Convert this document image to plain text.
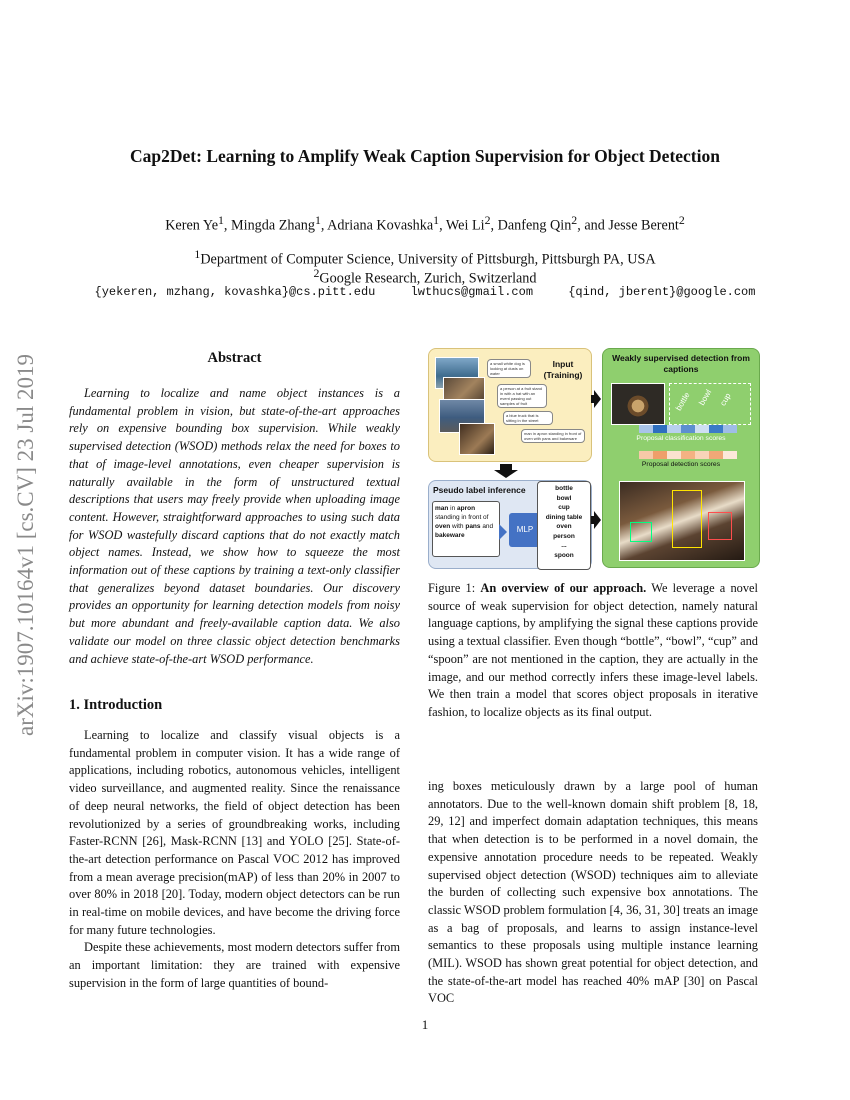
Cap2Det: Learning to Amplify Weak Caption Supervision for Object Detection
Keren Ye$^1$, Mingda Zhang$^1$, Adriana Kovashka$^1$, Wei Li$^2$, Danfeng Qin$^2$, and Jesse Berent$^2$
$^1$Department of Computer Science, University of Pittsburgh, Pittsburgh PA, USA
$^2$Google Research, Zurich, Switzerland
{yekeren, mzhang, kovashka}@cs.pitt.edu	lwthucs@gmail.com	{qind, jberent}@google.com
arXiv:1907.10164v1 [cs.CV] 23 Jul 2019	Abstract

Learning to localize and name object instances is a fundamental problem in vision, but state-of-the-art approaches rely on expensive bounding box supervision. While weakly supervised detection (WSOD) methods relax the need for boxes to that of image-level annotations, even cheaper supervision is naturally available in the form of unstructured textual descriptions that users may freely provide when uploading image content. However, straightforward approaches to using such data for WSOD wastefully discard captions that do not exactly match object names. Instead, we show how to squeeze the most information out of these captions by training a text-only classifier that generalizes beyond dataset boundaries. Our discovery provides an opportunity for learning detection models from noisy but more abundant and freely-available caption data. We also validate our model on three classic object detection benchmarks and achieve state-of-the-art WSOD performance.

1. Introduction

Learning to localize and classify visual objects is a fundamental problem in computer vision. It has a wide range of applications, including robotics, autonomous vehicles, intelligent video surveillance, and augmented reality. Since the renaissance of deep neural networks, the field of object detection has been revolutionized by a series of groundbreaking works, including Faster-RCNN [26], Mask-RCNN [13] and YOLO [25]. State-of-the-art detection performance on Pascal VOC 2012 has improved from a mean average precision(mAP) of less than 20% in 2007 to over 80% in 2018 [20]. Today, modern object detectors can be run in real-time on mobile devices, and have become the driving force for many future technologies.

Despite these achievements, most modern detectors suffer from an important limitation: they are trained with expensive supervision in the form of large quantities of bound-

a small white dog is looking at dusts on water
a person at a fruit stand in with a hat with an event passing out samples of fruit
a blue truck that is sitting in the street
man in apron standing in front of oven with pans and bakeware
Input (Training)
Pseudo label inference
man in apron standing in front of oven with pans and bakeware
MLP
bottle
bowl
cup
dining table
oven
person
...
spoon
Weakly supervised detection from captions
bottle bowl cup
Proposal classification scores
Proposal detection scores
Figure 1: An overview of our approach. We leverage a novel source of weak supervision for object detection, namely natural language captions, by amplifying the signal these captions provide using a textual classifier. Even though “bottle”, “bowl”, “cup” and “spoon” are not mentioned in the caption, they are actually in the image, and our method correctly infers these image-level labels. We then train a model that scores object proposals in iterative fashion, to localize objects as its final output.
ing boxes meticulously drawn by a large pool of human annotators. Due to the well-known domain shift problem [8, 18, 29, 12] and imperfect domain adaptation techniques, this means that when detection is to be performed in a novel domain, the expensive annotation procedure needs to be repeated. Weakly supervised object detection (WSOD) techniques aim to alleviate the burden of collecting such expensive box annotations. The classic WSOD problem formulation [4, 36, 31, 30] treats an image as a bag of proposals, and learns to assign instance-level semantics to these proposals using multiple instance learning (MIL). WSOD has shown great potential for object detection, and the state-of-the-art model has reached 40% mAP [30] on Pascal VOC
1
